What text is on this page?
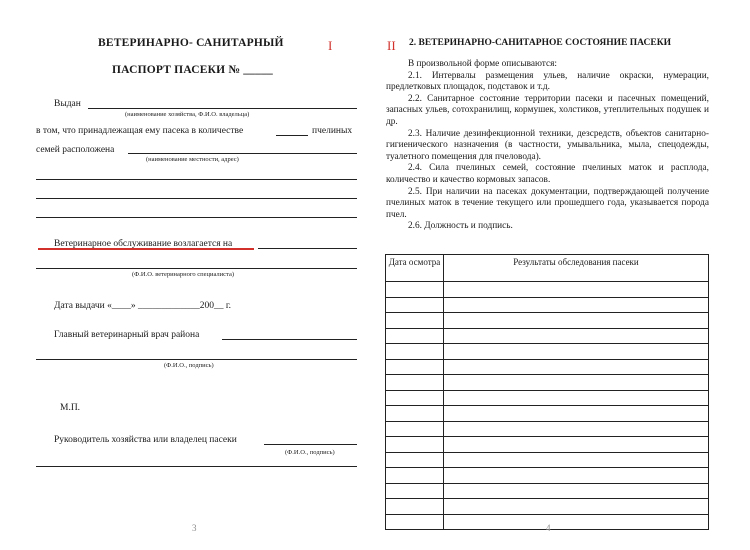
ВЕТЕРИНАРНО- САНИТАРНЫЙ	I
ПАСПОРТ ПАСЕКИ № _____
Выдан
(наименование хозяйства, Ф.И.О. владельца)
в том, что принадлежащая ему пасека в количестве	пчелиных
семей расположена
(наименование местности, адрес)
Ветеринарное обслуживание возлагается на
(Ф.И.О. ветеринарного специалиста)
Дата выдачи «____» _____________200__ г.
Главный ветеринарный врач района
(Ф.И.О., подпись)
М.П.
Руководитель хозяйства или владелец пасеки
(Ф.И.О., подпись)
3
II 2. ВЕТЕРИНАРНО-САНИТАРНОЕ СОСТОЯНИЕ ПАСЕКИ

В произвольной форме описываются:

2.1. Интервалы размещения ульев, наличие окраски, нумерации, предлетковых площадок, подставок и т.д.

2.2. Санитарное состояние территории пасеки и пасечных помещений, запасных ульев, сотохранилищ, кормушек, холстиков, утеплительных подушек и др.

2.3. Наличие дезинфекционной техники, дезсредств, объектов санитарно-гигиенического назначения (в частности, умывальника, мыла, спецодежды, туалетного помещения для пчеловода).

2.4. Сила пчелиных семей, состояние пчелиных маток и расплода, количество и качество кормовых запасов.

2.5. При наличии на пасеках документации, подтверждающей получение пчелиных маток в течение текущего или прошедшего года, указывается порода пчел.

2.6. Должность и подпись.

Дата осмотра	Результаты обследования пасеки

4
